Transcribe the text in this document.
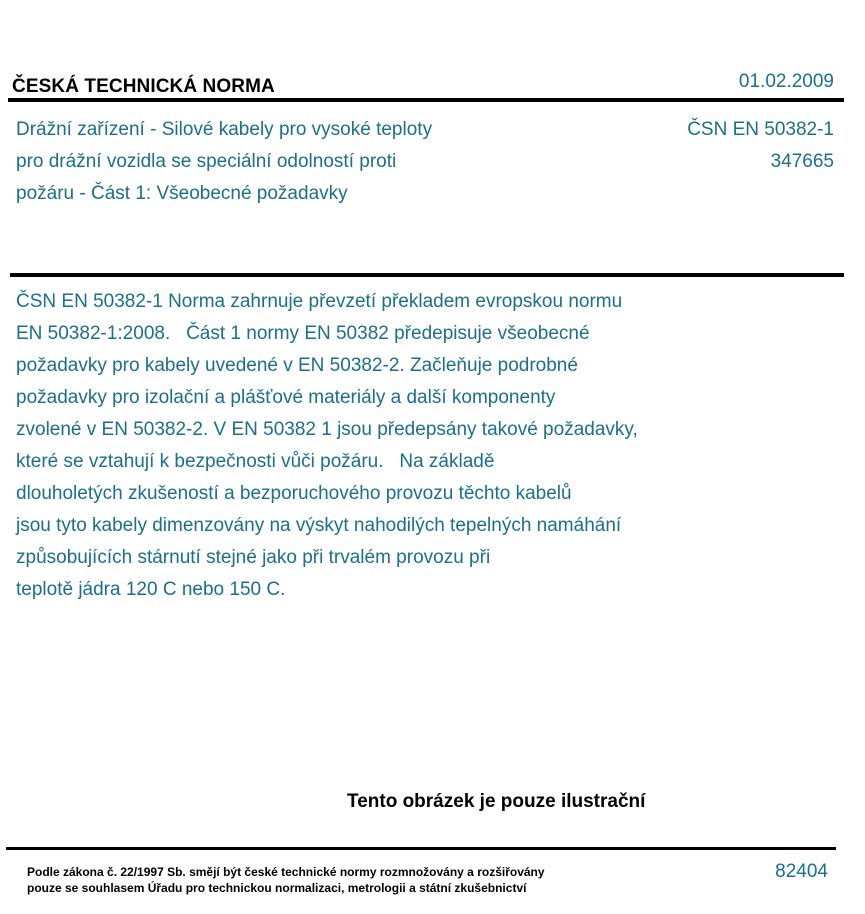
ČESKÁ TECHNICKÁ NORMA	01.02.2009
Drážní zařízení - Silové kabely pro vysoké teploty
pro drážní vozidla se speciální odolností proti
požáru - Část 1: Všeobecné požadavky
ČSN EN 50382-1
347665
ČSN EN 50382-1 Norma zahrnuje převzetí překladem evropskou normu
EN 50382-1:2008.   Část 1 normy EN 50382 předepisuje všeobecné
požadavky pro kabely uvedené v EN 50382-2. Začleňuje podrobné
požadavky pro izolační a plášťové materiály a další komponenty
zvolené v EN 50382-2. V EN 50382 1 jsou předepsány takové požadavky,
které se vztahují k bezpečnosti vůči požáru.   Na základě
dlouholetých zkušeností a bezporuchového provozu těchto kabelů
jsou tyto kabely dimenzovány na výskyt nahodilých tepelných namáhání
způsobujících stárnutí stejné jako při trvalém provozu při
teplotě jádra 120 C nebo 150 C.
Tento obrázek je pouze ilustrační
Podle zákona č. 22/1997 Sb. smějí být české technické normy rozmnožovány a rozšiřovány
pouze se souhlasem Úřadu pro technickou normalizaci, metrologii a státní zkušebnictví
82404
